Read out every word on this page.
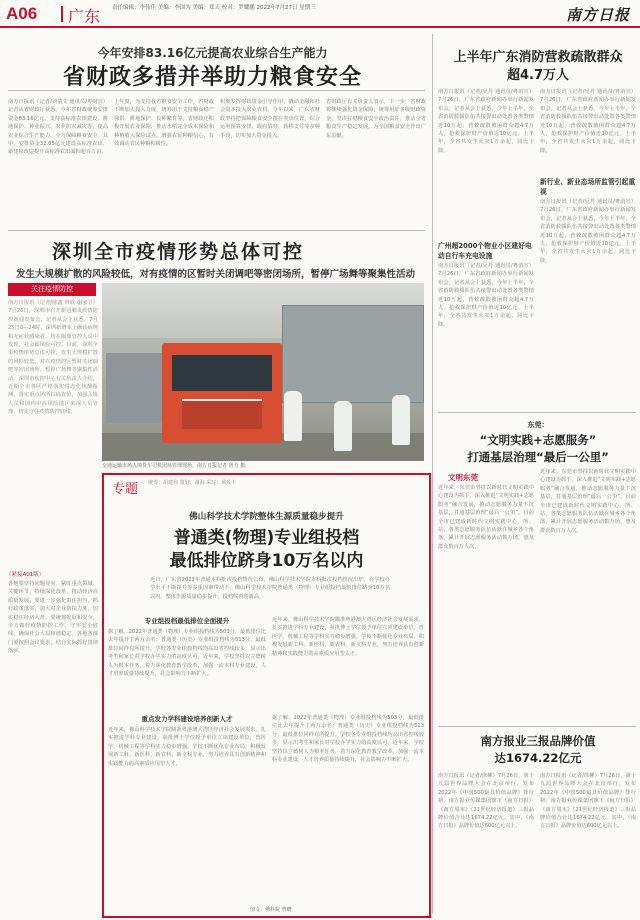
A06 广东 责任编辑：李伟佳 美编：李国为 美编：郑天 校对：罗耀鹏 2022年7月27日 星期三	南方日报
今年安排83.16亿元提高农业综合生产能力
省财政多措并举助力粮食安全
南方日报讯（记者/刘倩文 通讯员/粤财宣）记者从省财政厅获悉，今年省财政统筹安排资金83.16亿元，支持高标准农田建设、耕地保护、种业振兴、农业防灾减灾等，提高农业综合生产能力，全力保障粮食安全。其中，安排资金32.65亿元建设高标准农田，新建和改造提升高标准农田面积超百万亩。
上年度，为支持我省粮食安全工作，省财政不断加大投入力度，统筹用于支持粮食稳产保供、耕地保护、良种繁育等。省财政还积极开展农业保险，推动水稻完全成本保险和种植收入保险试点，增强农民种粮信心，有效调动农民种粮积极性。
积极发挥财政资金引导作用，撬动金融和社会资本投入农业农村。今年以来，广东省财政坚持把保障粮食安全摆在突出位置，综合运用预算安排、政府债券、转移支付等多种手段，切实加大资金投入。
省财政厅有关负责人表示，下一步，省财政将继续强化资金保障，统筹用好各级财政资金，坚决扛稳粮食安全政治责任，推动全省粮食生产稳定发展，为全国粮食安全作出广东贡献。
深圳全市疫情形势总体可控
发生大规模扩散的风险较低，对有疫情的区暂时关闭调吧等密闭场所，暂停广场舞等聚集性活动
关注疫情防控
南方日报讯（记者/陈鑫 林欣 谢家卫）7月26日，深圳市召开新冠肺炎疫情防控新闻发布会，记者从会上获悉，7月25日0—24时，深圳新增本土确诊病例和无症状感染者，均在隔离管控人员中发现，社会面风险可控。目前，深圳全市疫情形势总体可控，发生大规模扩散的风险较低。对有疫情的区暂时关闭调吧等密闭场所，暂停广场舞等聚集性活动。深圳市疾控中心有关负责人介绍，近期全市各区严格落实常态化核酸检测，落实重点场所扫码查验，加强入境人员和国内中高风险地区来深人员管理，切实守住疫情防控底线。
交通运输市场入境货车司机闭环管理现场。南方日报记者 鲁力 摄
（紧接A01版）
各地要坚持问题导向，紧盯重点领域、关键环节，持续深化改革，推动经济高质量发展。要进一步强化责任担当，抓好政策落实，加大对企业帮扶力度，切实稳住经济大盘。要统筹发展和安全，全力做好疫情防控工作，守牢安全底线，确保社会大局和谐稳定。各地各部门要按照会议要求，结合实际抓好贯彻落实。
专题 统筹：胡建伟 策划：谢海 采写：黄茂丰
佛山科学技术学院整体生源质量稳步提升
普通类(物理)专业组投档
最低排位跻身10万名以内
近日，广东省2022年普通本科批次投档情况公布，佛山科学技术学院本科批次投档情况出炉。在学校办学水平不断提升等多重因素带动下，佛山科学技术学院普通类（物理）专业组投档最低排位跻身10万名以内，整体生源质量稳步提升，投档线再创新高。
专业组投档最低排位全面提升
据了解，2022年普通类（物理）专业组投档线为503分，最低排位比去年提升了两万余名；普通类（历史）专业组投档线为513分，最低排位同样有所提升。学校各专业组投档线均高出省控线较多，显示出考生和家长对学校办学实力的高度认可。近年来，学校坚持以立德树人为根本任务，着力深化教育教学改革，加强一流本科专业建设，人才培养质量持续提升，社会影响力不断扩大。
近年来，佛山科学技术学院瞄准粤港澳大湾区经济社会发展需求，扎实推进学科专业建设，获批博士学位授予单位立项建设单位，兽医学、机械工程等学科实力稳步增强。学校不断优化专业布局，积极发展新工科、新医科、新农科、新文科专业，努力培养具有创新精神和实践能力的高素质应用型人才。
重点发力学科建设培养创新人才
近年来，佛山科学技术学院瞄准粤港澳大湾区经济社会发展需求，扎实推进学科专业建设，获批博士学位授予单位立项建设单位，兽医学、机械工程等学科实力稳步增强。学校不断优化专业布局，积极发展新工科、新医科、新农科、新文科专业，努力培养具有创新精神和实践能力的高素质应用型人才。
据了解，2022年普通类（物理）专业组投档线为503分，最低排位比去年提升了两万余名；普通类（历史）专业组投档线为513分，最低排位同样有所提升。学校各专业组投档线均高出省控线较多，显示出考生和家长对学校办学实力的高度认可。近年来，学校坚持以立德树人为根本任务，着力深化教育教学改革，加强一流本科专业建设，人才培养质量持续提升，社会影响力不断扩大。
图文：佛科院 曾晓
上半年广东消防营救疏散群众
超4.7万人
南方日报讯（记者/吴丹 通讯员/粤消宣）7月26日，广东省政府新闻办举行新闻发布会，记者从会上获悉，今年上半年，全省消防救援队伍共接警出动处置各类警情近10万起，营救疏散被困群众超4.7万人，抢救保护财产价值近10亿元。上半年，全省共发生火灾1万余起，同比下降。
新行业、新业态场所监管引起重视
南方日报讯（记者/吴丹 通讯员/粤消宣）7月26日，广东省政府新闻办举行新闻发布会，记者从会上获悉，今年上半年，全省消防救援队伍共接警出动处置各类警情近10万起，营救疏散被困群众超4.7万人，抢救保护财产价值近10亿元。上半年，全省共发生火灾1万余起，同比下降。
南方日报讯（记者/吴丹 通讯员/粤消宣）7月26日，广东省政府新闻办举行新闻发布会，记者从会上获悉，今年上半年，全省消防救援队伍共接警出动处置各类警情近10万起，营救疏散被困群众超4.7万人，抢救保护财产价值近10亿元。上半年，全省共发生火灾1万余起，同比下降。
广州超2000个物业小区建好电动自行车充电设施
南方日报讯（记者/吴丹 通讯员/粤消宣）7月26日，广东省政府新闻办举行新闻发布会，记者从会上获悉，今年上半年，全省消防救援队伍共接警出动处置各类警情近10万起，营救疏散被困群众超4.7万人，抢救保护财产价值近10亿元。上半年，全省共发生火灾1万余起，同比下降。
东莞：
“文明实践+志愿服务”
打通基层治理“最后一公里”
文明东莞
近年来，东莞市坚持以新时代文明实践中心建设为抓手，深入推进“文明实践+志愿服务”融合发展，推动志愿服务力量下沉基层，打通基层治理“最后一公里”。目前全市已建成新时代文明实践中心、所、站，各类志愿服务队伍活跃在城乡各个角落，累计开展志愿服务活动数万场，惠及群众数百万人次。
近年来，东莞市坚持以新时代文明实践中心建设为抓手，深入推进“文明实践+志愿服务”融合发展，推动志愿服务力量下沉基层，打通基层治理“最后一公里”。目前全市已建成新时代文明实践中心、所、站，各类志愿服务队伍活跃在城乡各个角落，累计开展志愿服务活动数万场，惠及群众数百万人次。
南方报业三报品牌价值
达1674.22亿元
南方日报讯（记者/徐柳）7月26日，第十九届世界品牌大会在北京举行，发布2022年《中国500最具价值品牌》排行榜，南方报业传媒集团旗下《南方日报》《南方周末》《21世纪经济报道》三报品牌价值合计达1674.22亿元。其中，《南方日报》品牌价值达600亿元以上。
南方日报讯（记者/徐柳）7月26日，第十九届世界品牌大会在北京举行，发布2022年《中国500最具价值品牌》排行榜，南方报业传媒集团旗下《南方日报》《南方周末》《21世纪经济报道》三报品牌价值合计达1674.22亿元。其中，《南方日报》品牌价值达600亿元以上。
